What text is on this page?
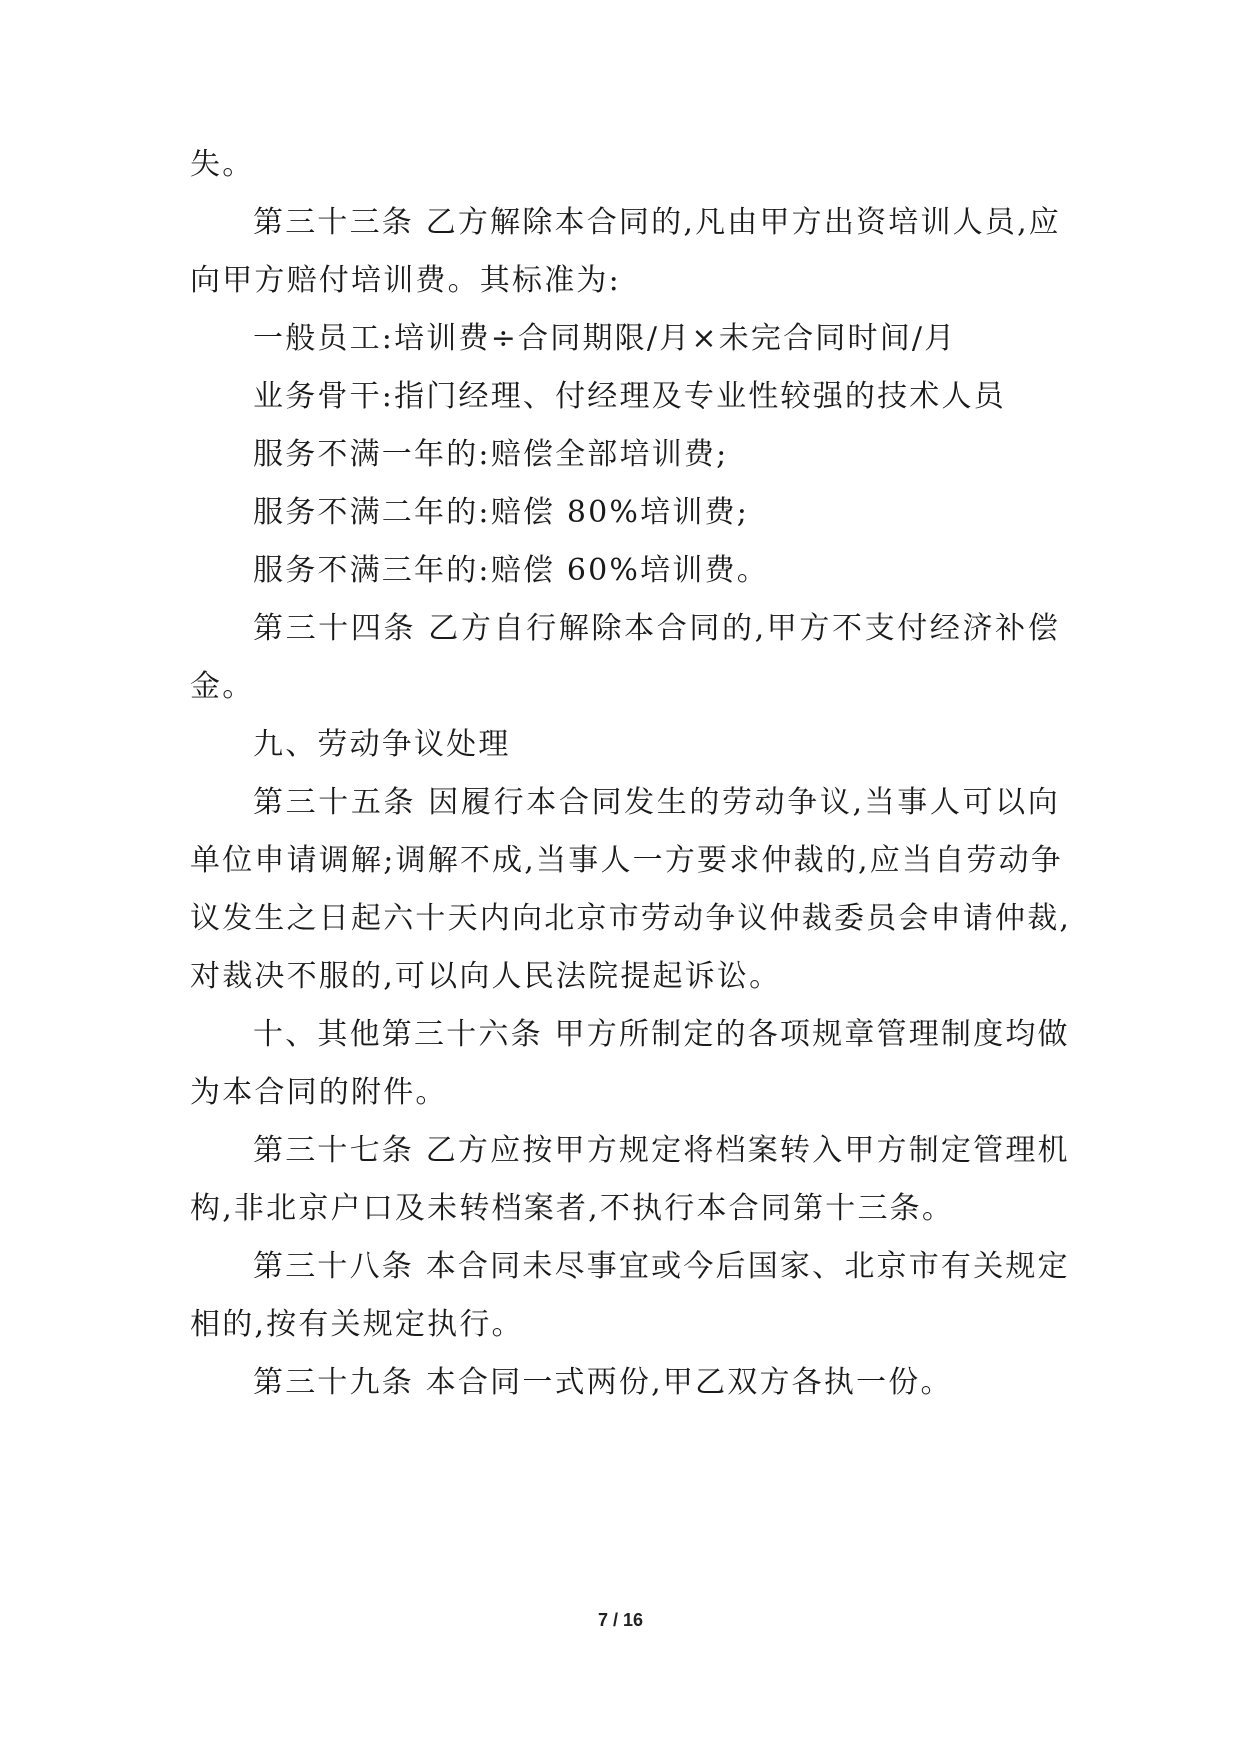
失。
第三十三条 乙方解除本合同的,凡由甲方出资培训人员,应
向甲方赔付培训费。其标准为:
一般员工:培训费÷合同期限/月×未完合同时间/月
业务骨干:指门经理、付经理及专业性较强的技术人员
服务不满一年的:赔偿全部培训费;
服务不满二年的:赔偿 80%培训费;
服务不满三年的:赔偿 60%培训费。
第三十四条 乙方自行解除本合同的,甲方不支付经济补偿
金。
九、劳动争议处理
第三十五条 因履行本合同发生的劳动争议,当事人可以向
单位申请调解;调解不成,当事人一方要求仲裁的,应当自劳动争
议发生之日起六十天内向北京市劳动争议仲裁委员会申请仲裁,
对裁决不服的,可以向人民法院提起诉讼。
十、其他第三十六条 甲方所制定的各项规章管理制度均做
为本合同的附件。
第三十七条 乙方应按甲方规定将档案转入甲方制定管理机
构,非北京户口及未转档案者,不执行本合同第十三条。
第三十八条 本合同未尽事宜或今后国家、北京市有关规定
相的,按有关规定执行。
第三十九条 本合同一式两份,甲乙双方各执一份。
7 / 16
